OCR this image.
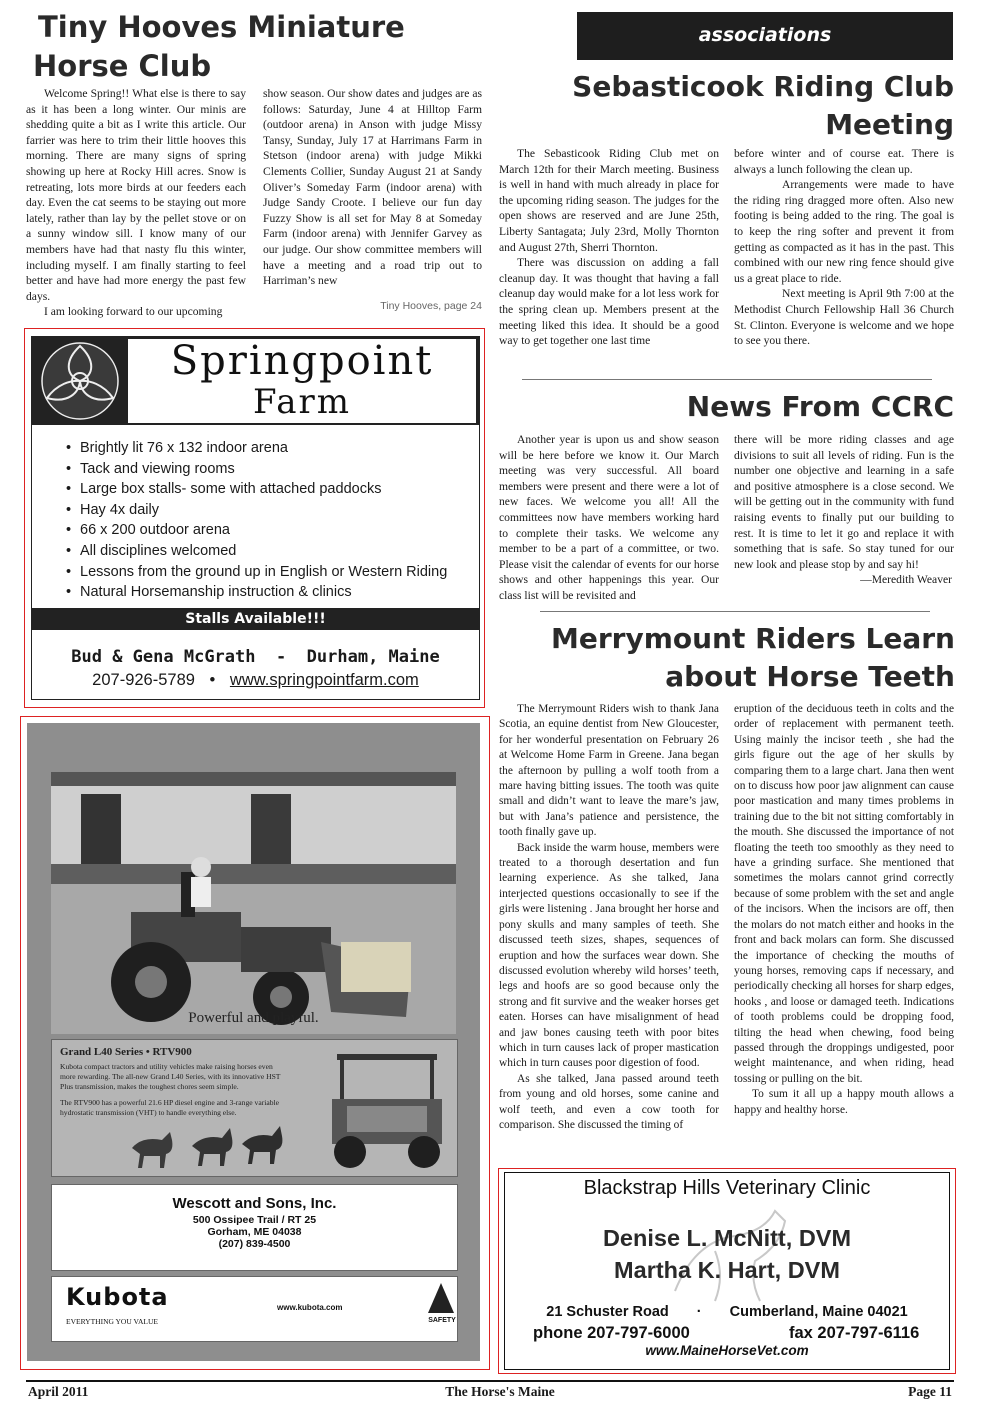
Tiny Hooves Miniature
Horse Club

Welcome Spring!! What else is there to say as it has been a long winter. Our minis are shedding quite a bit as I write this article. Our farrier was here to trim their little hooves this morning. There are many signs of spring showing up here at Rocky Hill acres. Snow is retreating, lots more birds at our feeders each day. Even the cat seems to be staying out more lately, rather than lay by the pellet stove or on a sunny window sill. I know many of our members have had that nasty flu this winter, including myself. I am finally starting to feel better and have had more energy the past few days.

I am looking forward to our upcoming

show season. Our show dates and judges are as follows: Saturday, June 4 at Hilltop Farm (outdoor arena) in Anson with judge Missy Tansy, Sunday, July 17 at Harrimans Farm in Stetson (indoor arena) with judge Mikki Clements Collier, Sunday August 21 at Sandy Oliver’s Someday Farm (indoor arena) with Judge Sandy Croote. I believe our fun day Fuzzy Show is all set for May 8 at Someday Farm (indoor arena) with Jennifer Garvey as our judge. Our show committee members will have a meeting and a road trip out to Harriman’s new

Tiny Hooves, page 24
associations
Sebasticook Riding Club
Meeting

The Sebasticook Riding Club met on March 12th for their March meeting. Business is well in hand with much already in place for the upcoming riding season. The judges for the open shows are reserved and are June 25th, Liberty Santagata; July 23rd, Molly Thornton and August 27th, Sherri Thornton.

There was discussion on adding a fall cleanup day. It was thought that having a fall cleanup day would make for a lot less work for the spring clean up. Members present at the meeting liked this idea. It should be a good way to get together one last time

before winter and of course eat. There is always a lunch following the clean up.

Arrangements were made to have the riding ring dragged more often. Also new footing is being added to the ring. The goal is to keep the ring softer and prevent it from getting as compacted as it has in the past. This combined with our new ring fence should give us a great place to ride.

Next meeting is April 9th 7:00 at the Methodist Church Fellowship Hall 36 Church St. Clinton. Everyone is welcome and we hope to see you there.

News From CCRC

Another year is upon us and show season will be here before we know it. Our March meeting was very successful. All board members were present and there were a lot of new faces. We welcome you all! All the committees now have members working hard to complete their tasks. We welcome any member to be a part of a committee, or two. Please visit the calendar of events for our horse shows and other happenings this year. Our class list will be revisited and

there will be more riding classes and age divisions to suit all levels of riding. Fun is the number one objective and learning in a safe and positive atmosphere is a close second. We will be getting out in the community with fund raising events to finally put our building to rest. It is time to let it go and replace it with something that is safe. So stay tuned for our new look and please stop by and say hi!

—Meredith Weaver
Merrymount Riders Learn
about Horse Teeth

The Merrymount Riders wish to thank Jana Scotia, an equine dentist from New Gloucester, for her wonderful presentation on February 26 at Welcome Home Farm in Greene. Jana began the afternoon by pulling a wolf tooth from a mare having bitting issues. The tooth was quite small and didn’t want to leave the mare’s jaw, but with Jana’s patience and persistence, the tooth finally gave up.

Back inside the warm house, members were treated to a thorough desertation and fun learning experience. As she talked, Jana interjected questions occasionally to see if the girls were listening . Jana brought her horse and pony skulls and many samples of teeth. She discussed teeth sizes, shapes, sequences of eruption and how the surfaces wear down. She discussed evolution whereby wild horses’ teeth, legs and hoofs are so good because only the strong and fit survive and the weaker horses get eaten. Horses can have misalignment of head and jaw bones causing teeth with poor bites which in turn causes lack of proper mastication which in turn causes poor digestion of food.

As she talked, Jana passed around teeth from young and old horses, some canine and wolf teeth, and even a cow tooth for comparison. She discussed the timing of

eruption of the deciduous teeth in colts and the order of replacement with permanent teeth. Using mainly the incisor teeth , she had the girls figure out the age of her skulls by comparing them to a large chart. Jana then went on to discuss how poor jaw alignment can cause poor mastication and many times problems in training due to the bit not sitting comfortably in the mouth. She discussed the importance of not floating the teeth too smoothly as they need to have a grinding surface. She mentioned that sometimes the molars cannot grind correctly because of some problem with the set and angle of the incisors. When the incisors are off, then the molars do not match either and hooks in the front and back molars can form. She discussed the importance of checking the mouths of young horses, removing caps if necessary, and periodically checking all horses for sharp edges, hooks , and loose or damaged teeth. Indications of tooth problems could be dropping food, tilting the head when chewing, food being passed through the droppings undigested, poor weight maintenance, and when riding, head tossing or pulling on the bit.

To sum it all up a happy mouth allows a happy and healthy horse.

Springpoint
Farm
• Brightly lit 76 x 132 indoor arena
• Tack and viewing rooms
• Large box stalls- some with attached paddocks
• Hay 4x daily
• 66 x 200 outdoor arena
• All disciplines welcomed
• Lessons from the ground up in English or Western Riding
• Natural Horsemanship instruction & clinics
Stalls Available!!!
Bud & Gena McGrath  -  Durham, Maine
207-926-5789 • www.springpointfarm.com
Powerful and playful.
Grand L40 Series • RTV900
Kubota compact tractors and utility vehicles make raising horses even more rewarding. The all-new Grand L40 Series, with its innovative HST Plus transmission, makes the toughest chores seem simple.
The RTV900 has a powerful 21.6 HP diesel engine and 3-range variable hydrostatic transmission (VHT) to handle everything else.
Wescott and Sons, Inc.
500 Ossipee Trail / RT 25
Gorham, ME 04038
(207) 839-4500
Kubota
EVERYTHING YOU VALUE
www.kubota.com
SAFETY
Blackstrap Hills Veterinary Clinic
Denise L. McNitt, DVM
Martha K. Hart, DVM
21 Schuster Road · Cumberland, Maine 04021
phone 207-797-6000	fax 207-797-6116
www.MaineHorseVet.com
April 2011	The Horse's Maine	Page 11
